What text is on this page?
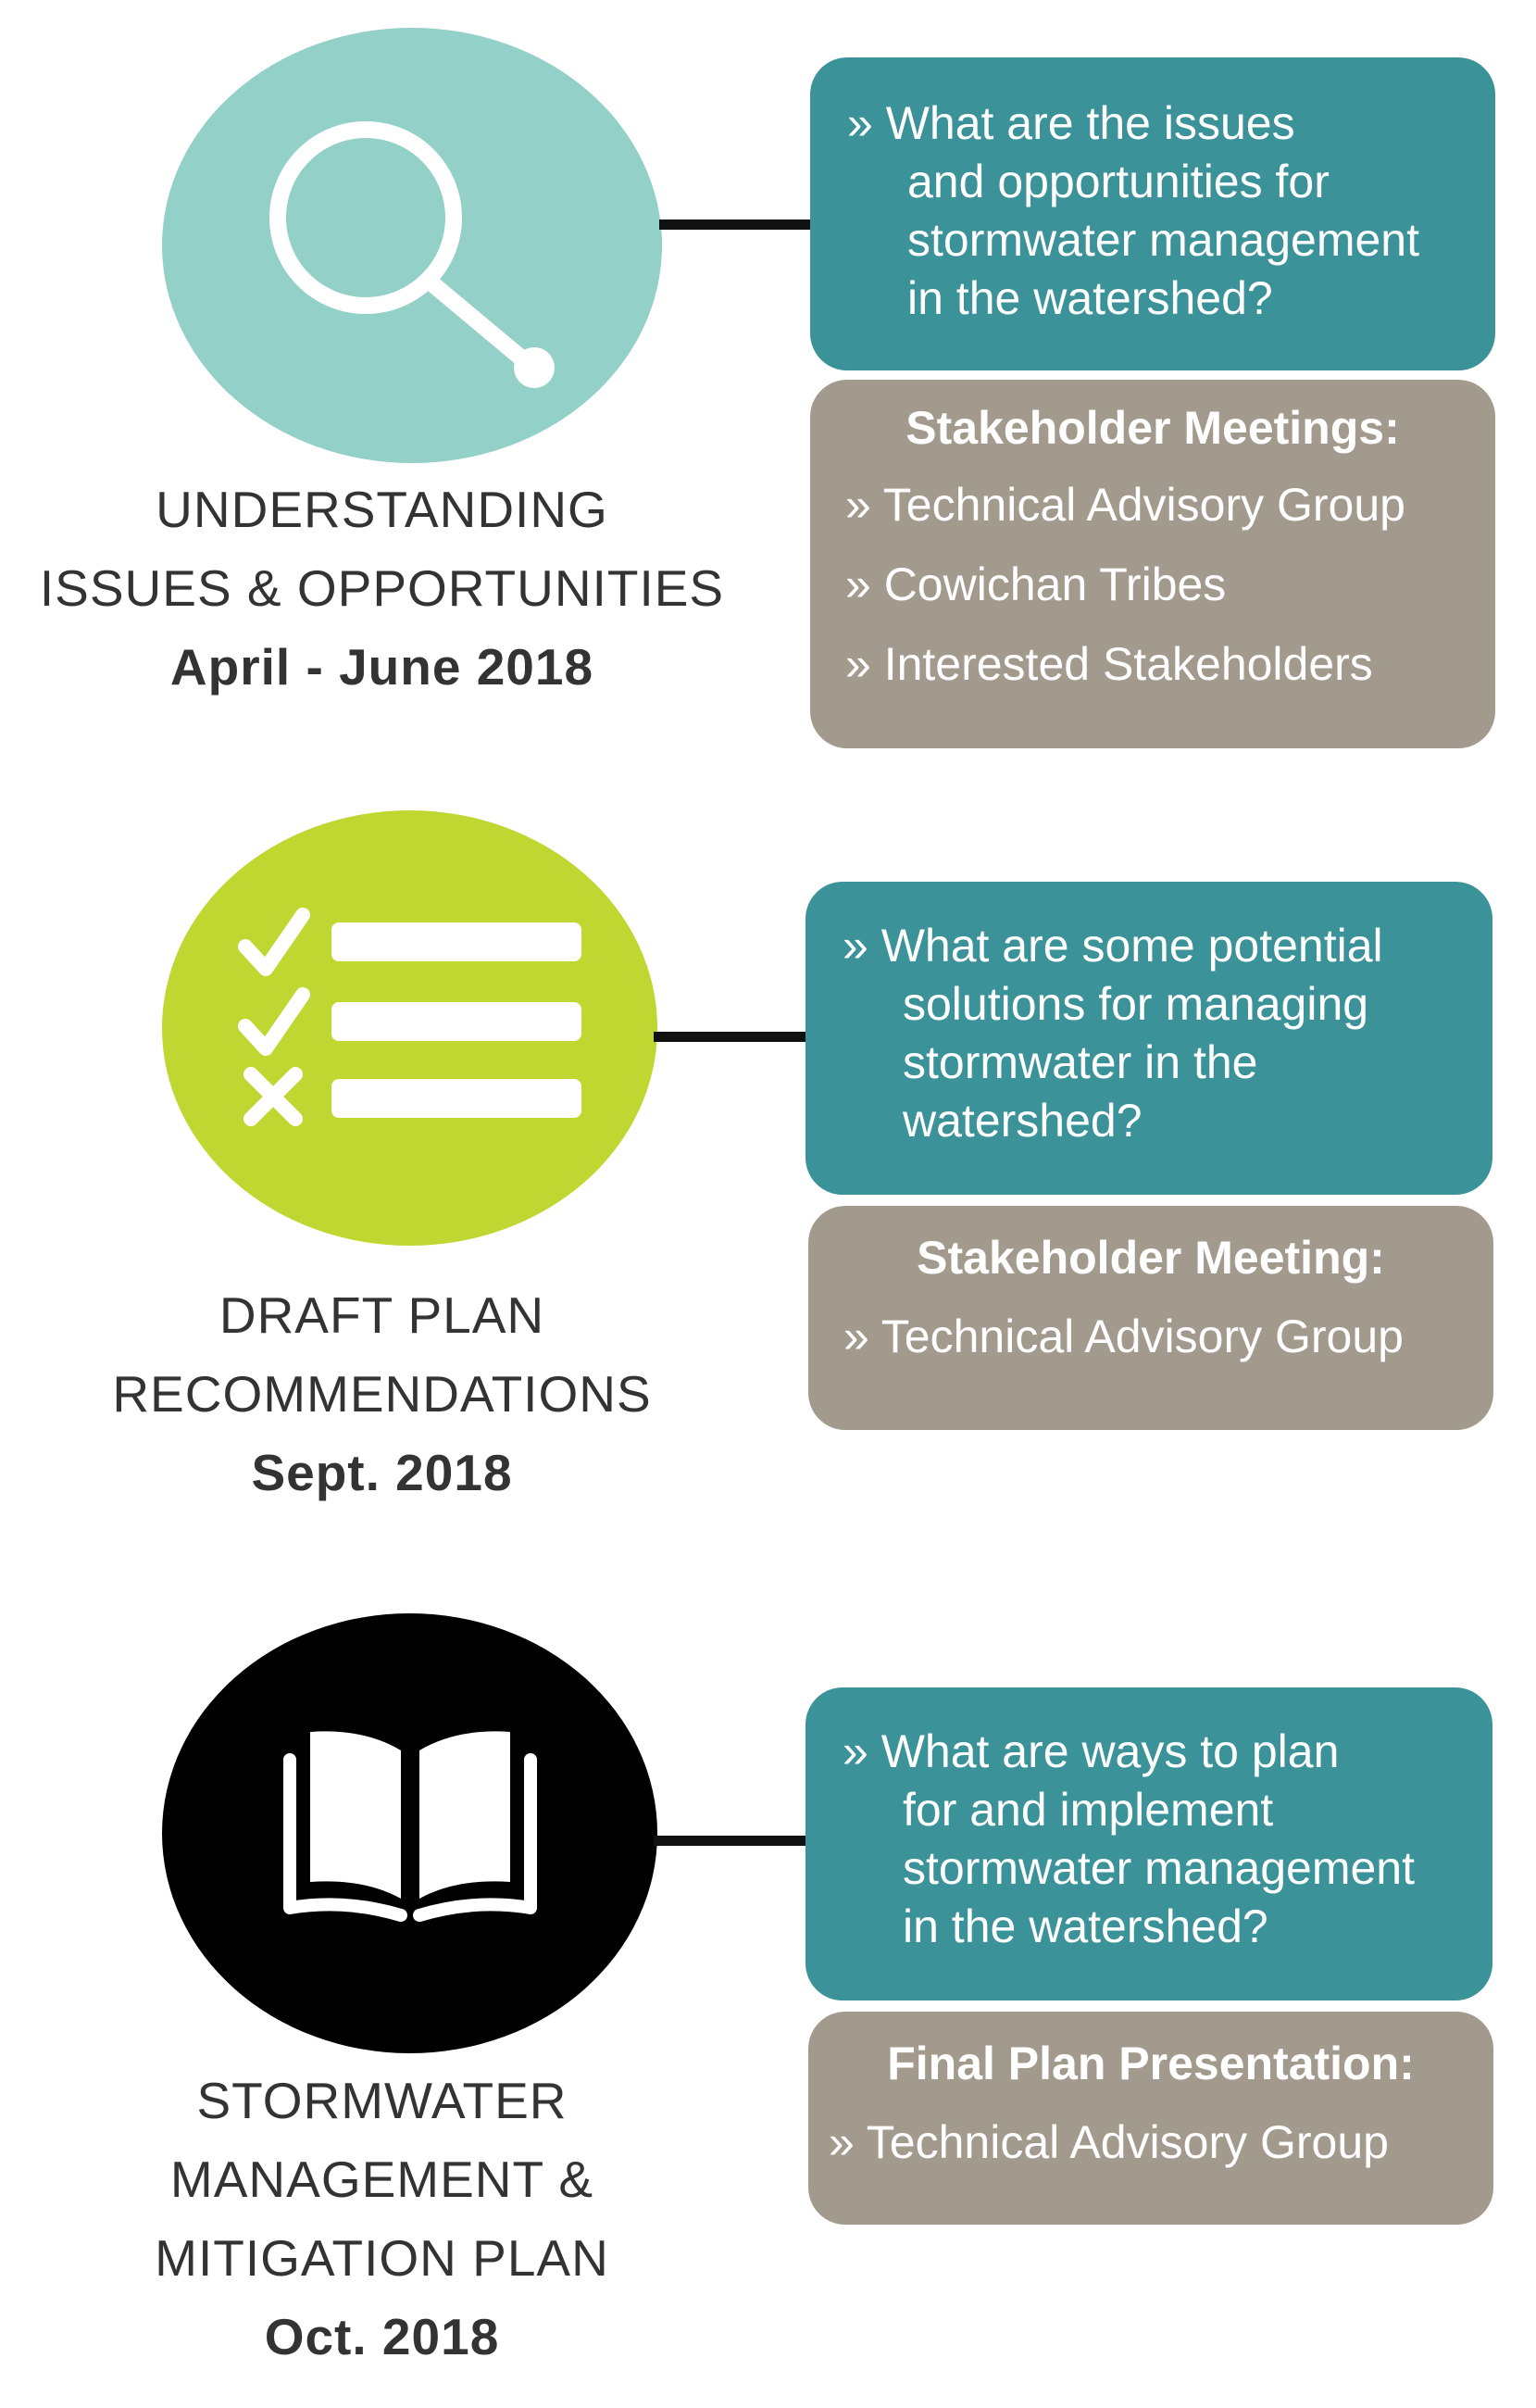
UNDERSTANDING
ISSUES & OPPORTUNITIES
April - June 2018
» What are the issues
and opportunities for
stormwater management
in the watershed?
Stakeholder Meetings:
» Technical Advisory Group
» Cowichan Tribes
» Interested Stakeholders
DRAFT PLAN
RECOMMENDATIONS
Sept. 2018
» What are some potential
solutions for managing
stormwater in the
watershed?
Stakeholder Meeting:
» Technical Advisory Group
STORMWATER
MANAGEMENT &
MITIGATION PLAN
Oct. 2018
» What are ways to plan
for and implement
stormwater management
in the watershed?
Final Plan Presentation:
» Technical Advisory Group
